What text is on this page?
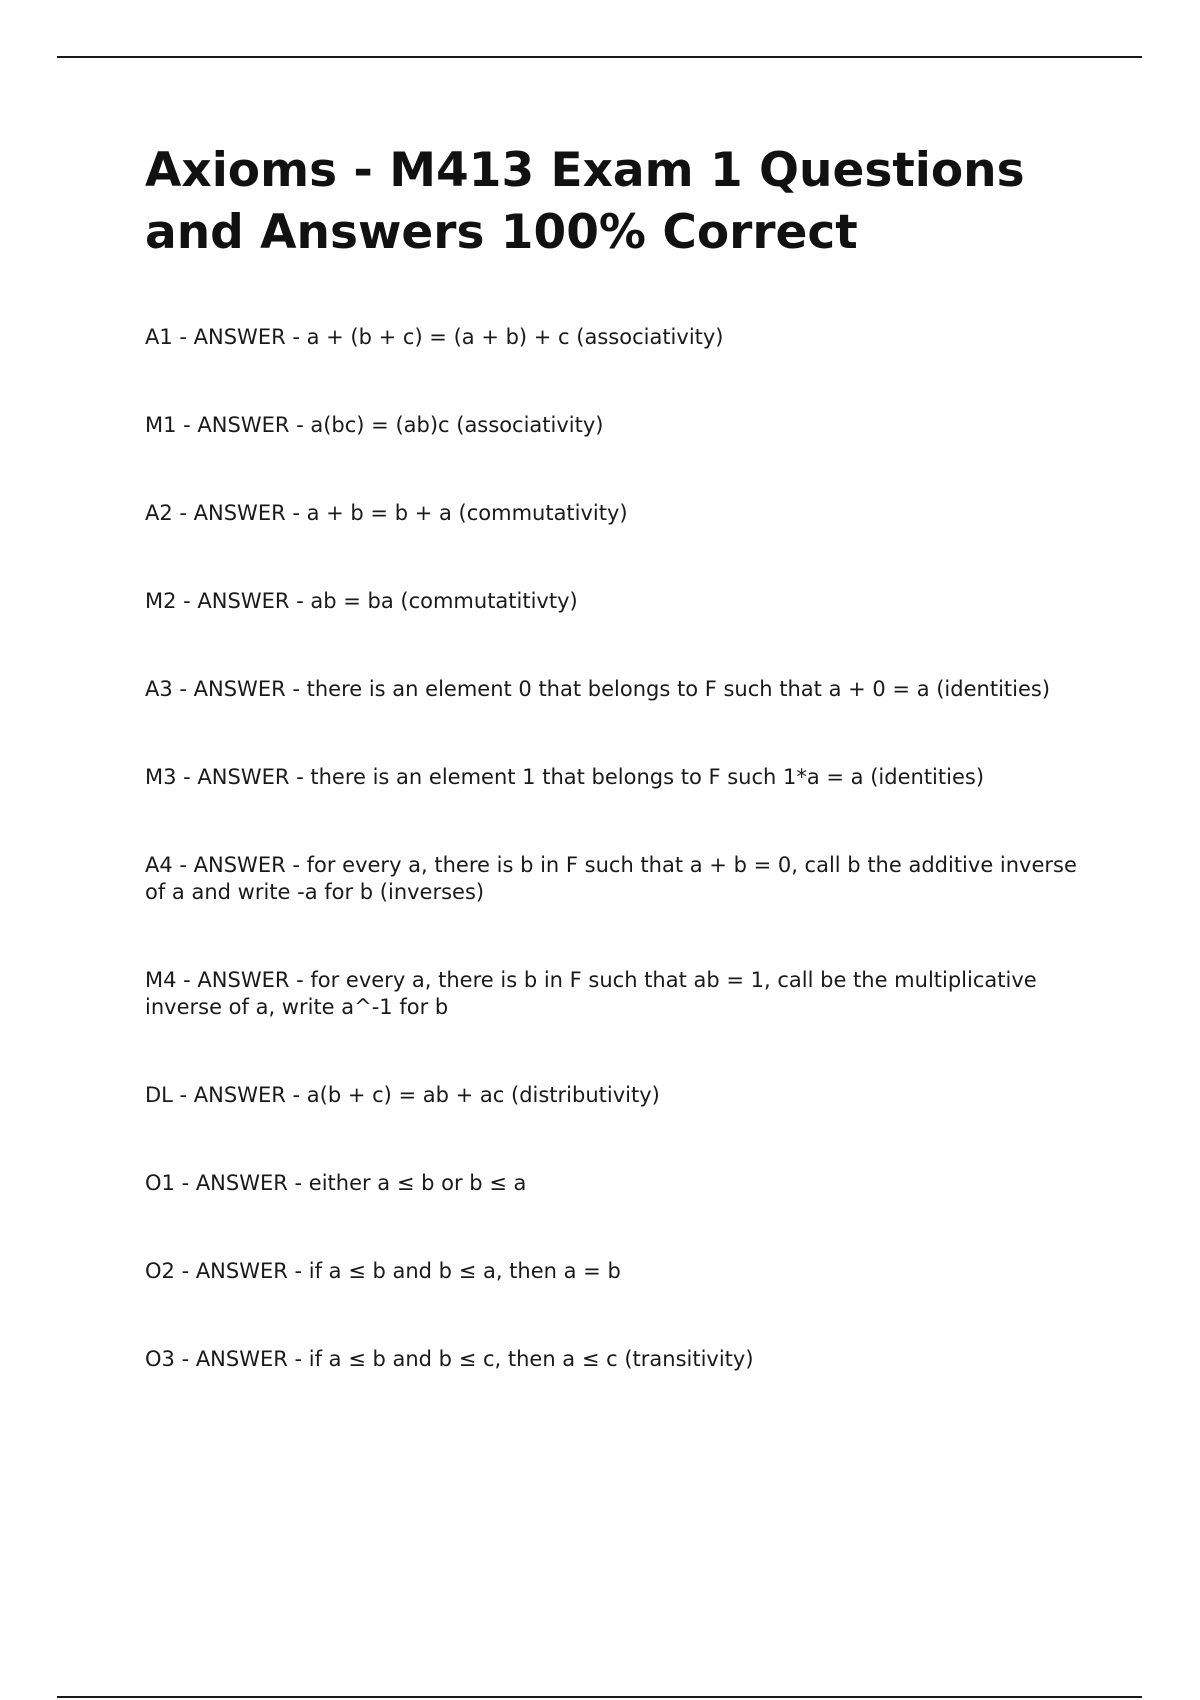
Axioms - M413 Exam 1 Questions and Answers 100% Correct

A1 - ANSWER - a + (b + c) = (a + b) + c (associativity)

M1 - ANSWER - a(bc) = (ab)c (associativity)

A2 - ANSWER - a + b = b + a (commutativity)

M2 - ANSWER - ab = ba (commutatitivty)

A3 - ANSWER - there is an element 0 that belongs to F such that a + 0 = a (identities)

M3 - ANSWER - there is an element 1 that belongs to F such 1*a = a (identities)

A4 - ANSWER - for every a, there is b in F such that a + b = 0, call b the additive inverse of a and write -a for b (inverses)

M4 - ANSWER - for every a, there is b in F such that ab = 1, call be the multiplicative inverse of a, write a^-1 for b

DL - ANSWER - a(b + c) = ab + ac (distributivity)

O1 - ANSWER - either a ≤ b or b ≤ a

O2 - ANSWER - if a ≤ b and b ≤ a, then a = b

O3 - ANSWER - if a ≤ b and b ≤ c, then a ≤ c (transitivity)
